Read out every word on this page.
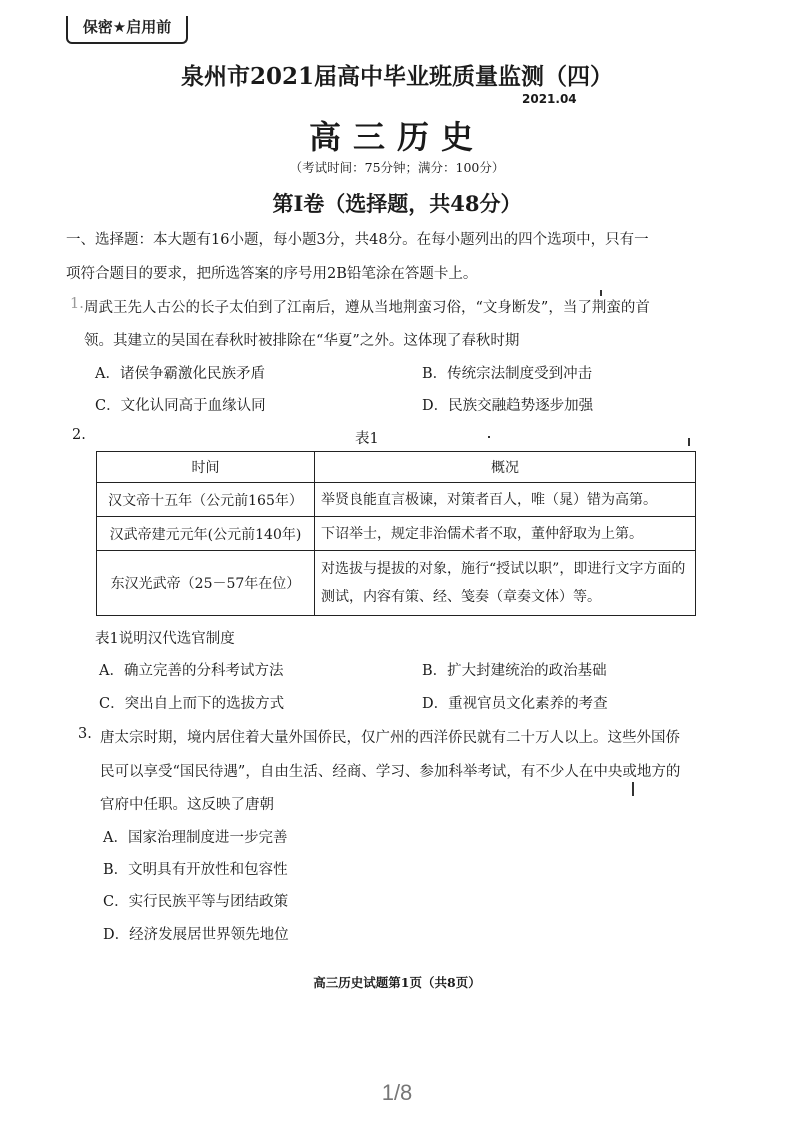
保密★启用前
泉州市2021届高中毕业班质量监测（四）
2021.04
高三历史
（考试时间：75分钟；满分：100分）
第I卷（选择题，共48分）
一、选择题：本大题有16小题，每小题3分，共48分。在每小题列出的四个选项中，只有一
项符合题目的要求，把所选答案的序号用2B铅笔涂在答题卡上。
1. 周武王先人古公的长子太伯到了江南后，遵从当地荆蛮习俗，“文身断发”，当了荆蛮的首
领。其建立的吴国在春秋时被排除在“华夏”之外。这体现了春秋时期
A．诸侯争霸激化民族矛盾	B．传统宗法制度受到冲击
C．文化认同高于血缘认同	D．民族交融趋势逐步加强
2.	表1
时间	概况
汉文帝十五年（公元前165年）	举贤良能直言极谏，对策者百人，唯（晁）错为高第。
汉武帝建元元年(公元前140年)	下诏举士，规定非治儒术者不取，董仲舒取为上第。
东汉光武帝（25－57年在位）	对选拔与提拔的对象，施行“授试以职”，即进行文字方面的测试，内容有策、经、笺奏（章奏文体）等。
表1说明汉代选官制度
A．确立完善的分科考试方法	B．扩大封建统治的政治基础
C．突出自上而下的选拔方式	D．重视官员文化素养的考查
3. 唐太宗时期，境内居住着大量外国侨民，仅广州的西洋侨民就有二十万人以上。这些外国侨
民可以享受“国民待遇”，自由生活、经商、学习、参加科举考试，有不少人在中央或地方的
官府中任职。这反映了唐朝
A．国家治理制度进一步完善
B．文明具有开放性和包容性
C．实行民族平等与团结政策
D．经济发展居世界领先地位
高三历史试题第1页（共8页）
1/8
